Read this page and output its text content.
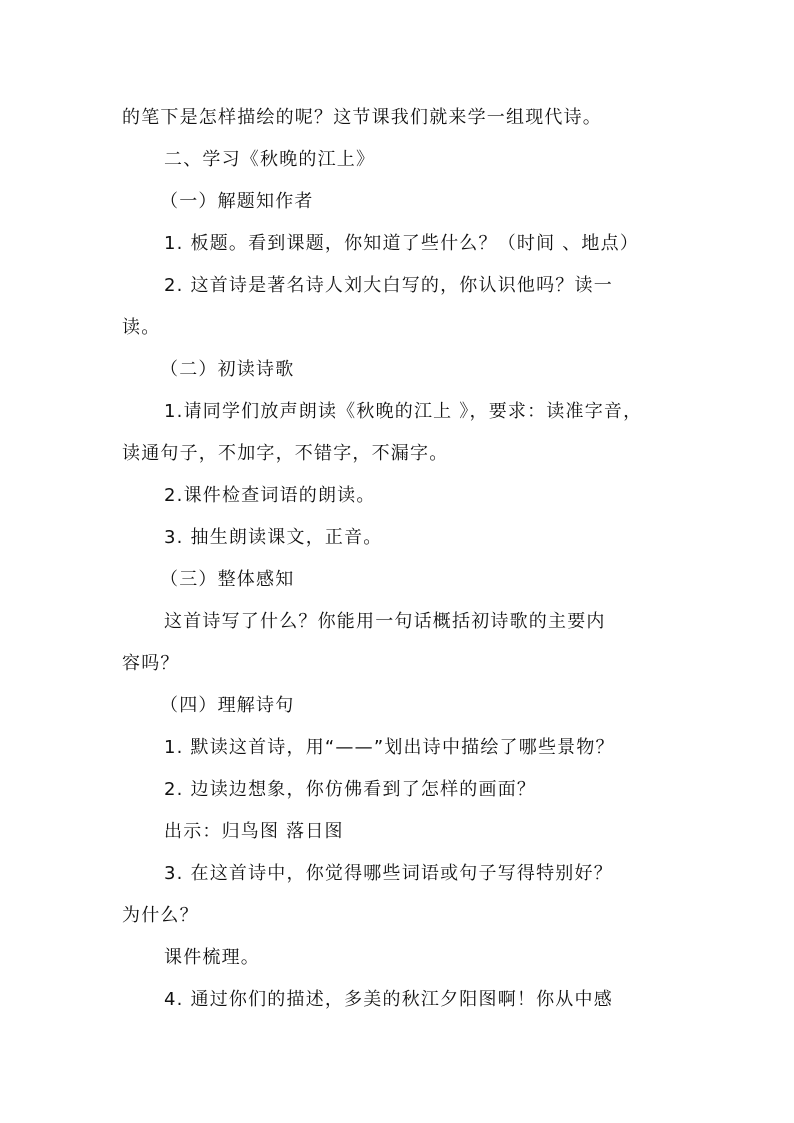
的笔下是怎样描绘的呢？这节课我们就来学一组现代诗。
二、学习《秋晚的江上》
（一）解题知作者
1. 板题。看到课题，你知道了些什么？（时间 、地点）
2. 这首诗是著名诗人刘大白写的，你认识他吗？读一
读。
（二）初读诗歌
1.请同学们放声朗读《秋晚的江上 》，要求：读准字音，
读通句子，不加字，不错字，不漏字。
2.课件检查词语的朗读。
3. 抽生朗读课文，正音。
（三）整体感知
这首诗写了什么？你能用一句话概括初诗歌的主要内
容吗？
（四）理解诗句
1. 默读这首诗，用“——”划出诗中描绘了哪些景物？
2. 边读边想象，你仿佛看到了怎样的画面？
出示：归鸟图 落日图
3. 在这首诗中，你觉得哪些词语或句子写得特别好？
为什么？
课件梳理。
4. 通过你们的描述，多美的秋江夕阳图啊！你从中感
